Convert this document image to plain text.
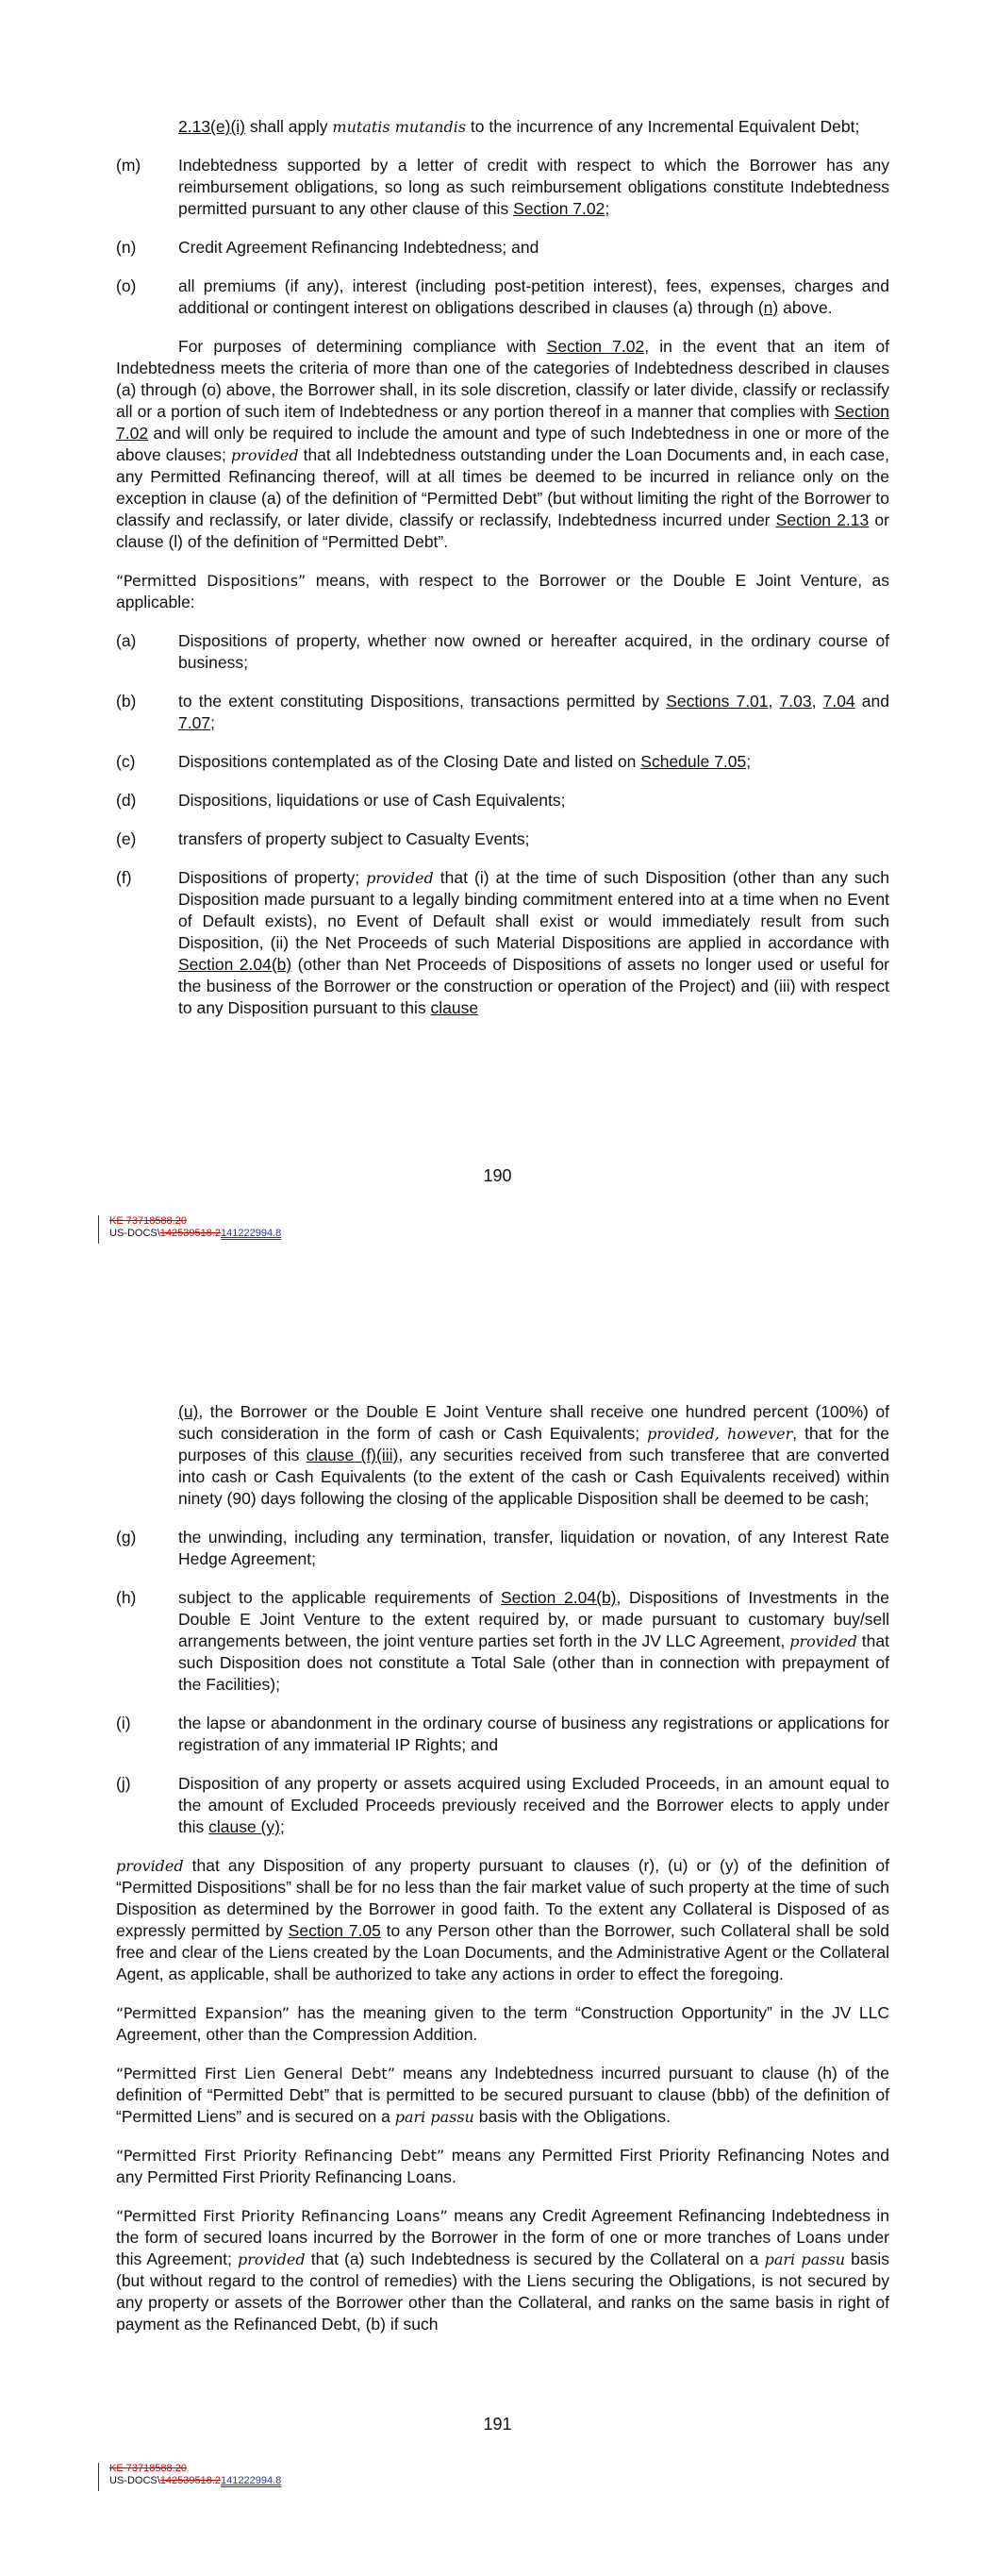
2.13(e)(i) shall apply mutatis mutandis to the incurrence of any Incremental Equivalent Debt;

(m)	Indebtedness supported by a letter of credit with respect to which the Borrower has any reimbursement obligations, so long as such reimbursement obligations constitute Indebtedness permitted pursuant to any other clause of this Section 7.02;

(n)	Credit Agreement Refinancing Indebtedness; and

(o)	all premiums (if any), interest (including post-petition interest), fees, expenses, charges and additional or contingent interest on obligations described in clauses (a) through (n) above.

For purposes of determining compliance with Section 7.02, in the event that an item of Indebtedness meets the criteria of more than one of the categories of Indebtedness described in clauses (a) through (o) above, the Borrower shall, in its sole discretion, classify or later divide, classify or reclassify all or a portion of such item of Indebtedness or any portion thereof in a manner that complies with Section 7.02 and will only be required to include the amount and type of such Indebtedness in one or more of the above clauses; provided that all Indebtedness outstanding under the Loan Documents and, in each case, any Permitted Refinancing thereof, will at all times be deemed to be incurred in reliance only on the exception in clause (a) of the definition of “Permitted Debt” (but without limiting the right of the Borrower to classify and reclassify, or later divide, classify or reclassify, Indebtedness incurred under Section 2.13 or clause (l) of the definition of “Permitted Debt”.

“Permitted Dispositions” means, with respect to the Borrower or the Double E Joint Venture, as applicable:

(a)	Dispositions of property, whether now owned or hereafter acquired, in the ordinary course of business;

(b)	to the extent constituting Dispositions, transactions permitted by Sections 7.01, 7.03, 7.04 and 7.07;

(c)	Dispositions contemplated as of the Closing Date and listed on Schedule 7.05;

(d)	Dispositions, liquidations or use of Cash Equivalents;

(e)	transfers of property subject to Casualty Events;

(f)	Dispositions of property; provided that (i) at the time of such Disposition (other than any such Disposition made pursuant to a legally binding commitment entered into at a time when no Event of Default exists), no Event of Default shall exist or would immediately result from such Disposition, (ii) the Net Proceeds of such Material Dispositions are applied in accordance with Section 2.04(b) (other than Net Proceeds of Dispositions of assets no longer used or useful for the business of the Borrower or the construction or operation of the Project) and (iii) with respect to any Disposition pursuant to this clause

190
KE 73718588.20
US-DOCS\142539518.2141222994.8

(u), the Borrower or the Double E Joint Venture shall receive one hundred percent (100%) of such consideration in the form of cash or Cash Equivalents; provided, however, that for the purposes of this clause (f)(iii), any securities received from such transferee that are converted into cash or Cash Equivalents (to the extent of the cash or Cash Equivalents received) within ninety (90) days following the closing of the applicable Disposition shall be deemed to be cash;

(g)	the unwinding, including any termination, transfer, liquidation or novation, of any Interest Rate Hedge Agreement;

(h)	subject to the applicable requirements of Section 2.04(b), Dispositions of Investments in the Double E Joint Venture to the extent required by, or made pursuant to customary buy/sell arrangements between, the joint venture parties set forth in the JV LLC Agreement, provided that such Disposition does not constitute a Total Sale (other than in connection with prepayment of the Facilities);

(i)	the lapse or abandonment in the ordinary course of business any registrations or applications for registration of any immaterial IP Rights; and

(j)	Disposition of any property or assets acquired using Excluded Proceeds, in an amount equal to the amount of Excluded Proceeds previously received and the Borrower elects to apply under this clause (y);

provided that any Disposition of any property pursuant to clauses (r), (u) or (y) of the definition of “Permitted Dispositions” shall be for no less than the fair market value of such property at the time of such Disposition as determined by the Borrower in good faith. To the extent any Collateral is Disposed of as expressly permitted by Section 7.05 to any Person other than the Borrower, such Collateral shall be sold free and clear of the Liens created by the Loan Documents, and the Administrative Agent or the Collateral Agent, as applicable, shall be authorized to take any actions in order to effect the foregoing.

“Permitted Expansion” has the meaning given to the term “Construction Opportunity” in the JV LLC Agreement, other than the Compression Addition.

“Permitted First Lien General Debt” means any Indebtedness incurred pursuant to clause (h) of the definition of “Permitted Debt” that is permitted to be secured pursuant to clause (bbb) of the definition of “Permitted Liens” and is secured on a pari passu basis with the Obligations.

“Permitted First Priority Refinancing Debt” means any Permitted First Priority Refinancing Notes and any Permitted First Priority Refinancing Loans.

“Permitted First Priority Refinancing Loans” means any Credit Agreement Refinancing Indebtedness in the form of secured loans incurred by the Borrower in the form of one or more tranches of Loans under this Agreement; provided that (a) such Indebtedness is secured by the Collateral on a pari passu basis (but without regard to the control of remedies) with the Liens securing the Obligations, is not secured by any property or assets of the Borrower other than the Collateral, and ranks on the same basis in right of payment as the Refinanced Debt, (b) if such

191
KE 73718588.20
US-DOCS\142539518.2141222994.8
